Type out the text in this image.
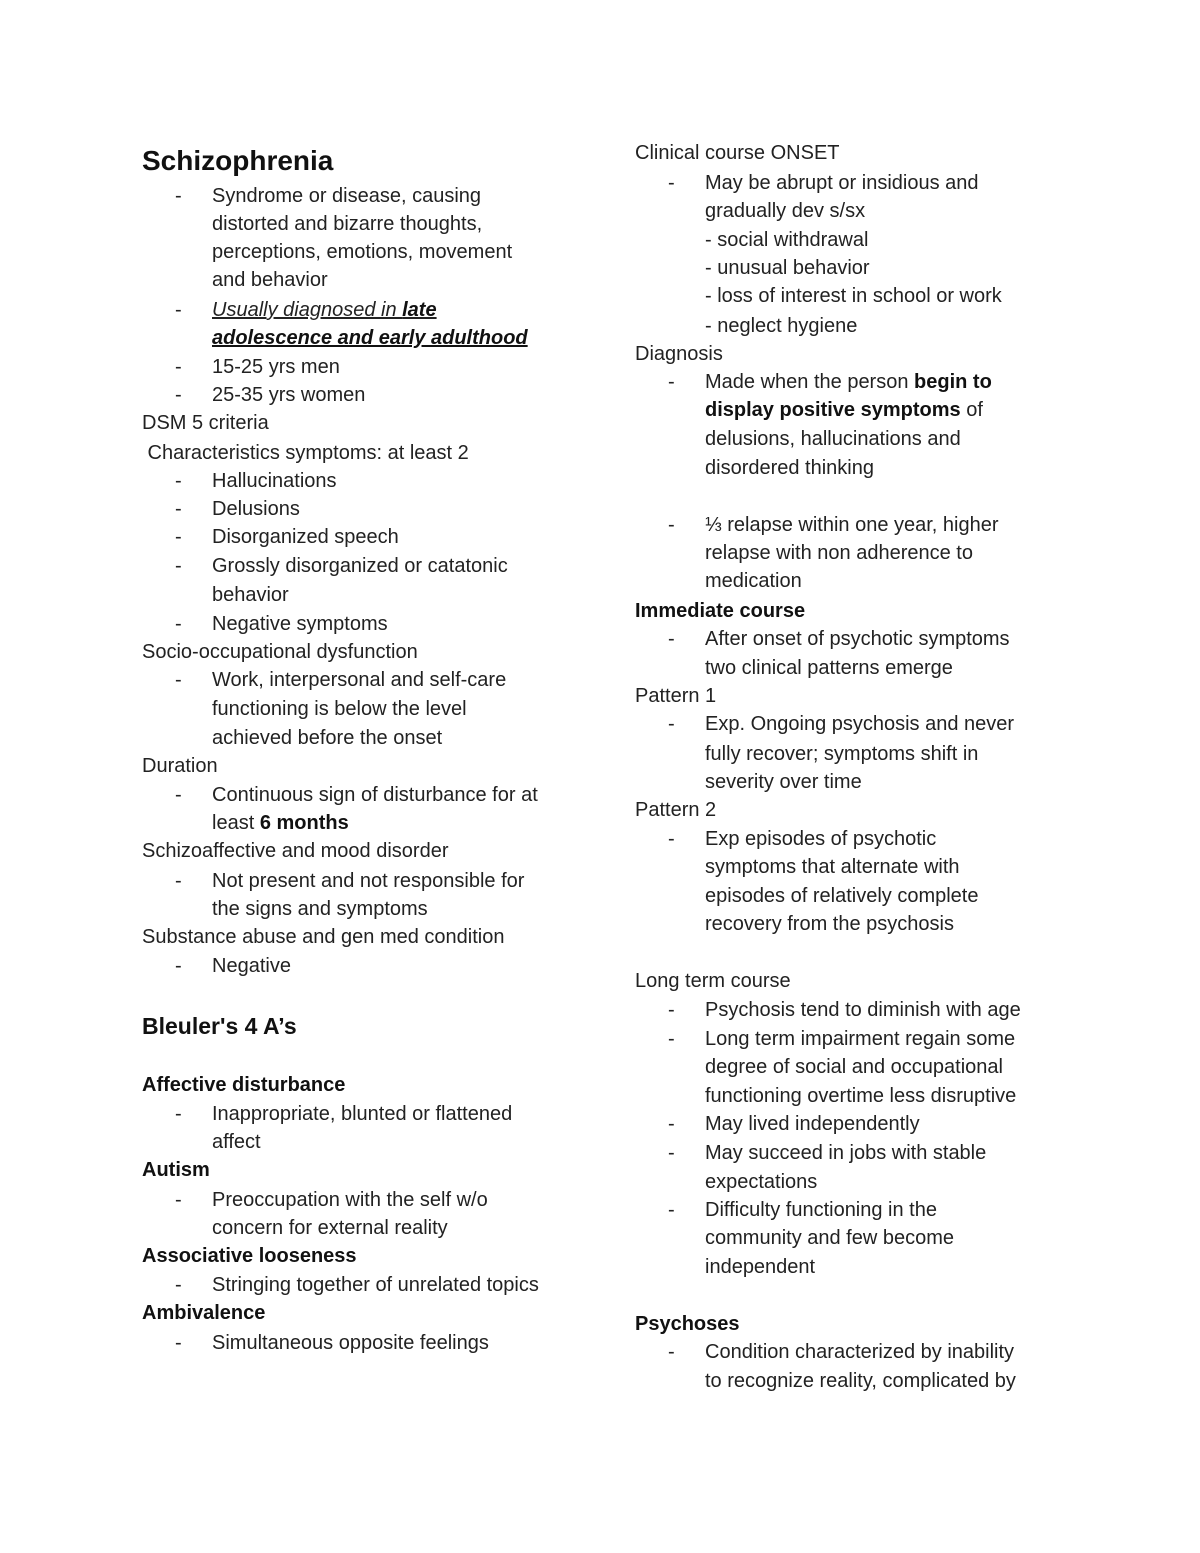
Schizophrenia
- Syndrome or disease, causing
distorted and bizarre thoughts,
perceptions, emotions, movement
and behavior
- Usually diagnosed in late
adolescence and early adulthood
- 15-25 yrs men
- 25-35 yrs women
DSM 5 criteria
Characteristics symptoms: at least 2
- Hallucinations
- Delusions
- Disorganized speech
- Grossly disorganized or catatonic
behavior
- Negative symptoms
Socio-occupational dysfunction
- Work, interpersonal and self-care
functioning is below the level
achieved before the onset
Duration
- Continuous sign of disturbance for at
least 6 months
Schizoaffective and mood disorder
- Not present and not responsible for
the signs and symptoms
Substance abuse and gen med condition
- Negative
Bleuler's 4 A’s
Affective disturbance
- Inappropriate, blunted or flattened
affect
Autism
- Preoccupation with the self w/o
concern for external reality
Associative looseness
- Stringing together of unrelated topics
Ambivalence
- Simultaneous opposite feelings
Clinical course ONSET
- May be abrupt or insidious and
gradually dev s/sx
- social withdrawal
- unusual behavior
- loss of interest in school or work
- neglect hygiene
Diagnosis
- Made when the person begin to
display positive symptoms of
delusions, hallucinations and
disordered thinking
- ⅓ relapse within one year, higher
relapse with non adherence to
medication
Immediate course
- After onset of psychotic symptoms
two clinical patterns emerge
Pattern 1
- Exp. Ongoing psychosis and never
fully recover; symptoms shift in
severity over time
Pattern 2
- Exp episodes of psychotic
symptoms that alternate with
episodes of relatively complete
recovery from the psychosis
Long term course
- Psychosis tend to diminish with age
- Long term impairment regain some
degree of social and occupational
functioning overtime less disruptive
- May lived independently
- May succeed in jobs with stable
expectations
- Difficulty functioning in the
community and few become
independent
Psychoses
- Condition characterized by inability
to recognize reality, complicated by
